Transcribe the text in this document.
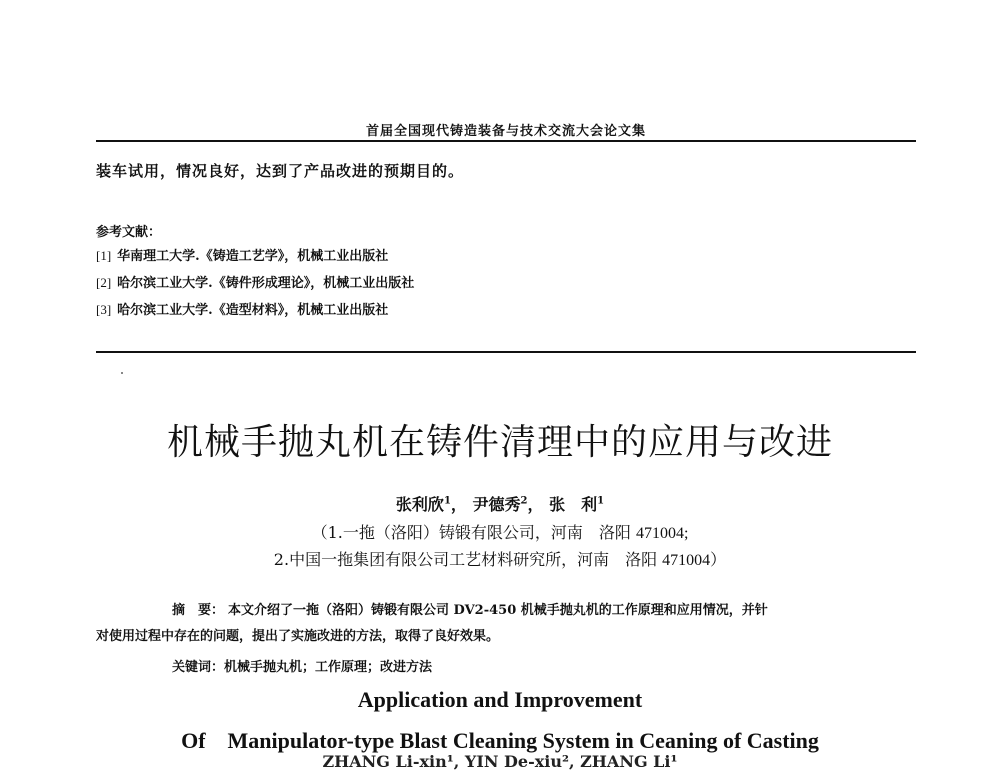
首届全国现代铸造装备与技术交流大会论文集
装车试用，情况良好，达到了产品改进的预期目的。
参考文献：
[1] 华南理工大学.《铸造工艺学》，机械工业出版社
[2] 哈尔滨工业大学.《铸件形成理论》，机械工业出版社
[3] 哈尔滨工业大学.《造型材料》，机械工业出版社
机械手抛丸机在铸件清理中的应用与改进
张利欣$^1$， 尹德秀$^2$， 张　利$^1$
（1.一拖（洛阳）铸锻有限公司，河南　洛阳 471004;
2.中国一拖集团有限公司工艺材料研究所，河南　洛阳 471004）
摘　要： 本文介绍了一拖（洛阳）铸锻有限公司 DV2-450 机械手抛丸机的工作原理和应用情况，并针
对使用过程中存在的问题，提出了实施改进的方法，取得了良好效果。
关键词：机械手抛丸机；工作原理；改进方法
Application and Improvement
Of　Manipulator-type Blast Cleaning System in Ceaning of Casting
ZHANG Li-xin¹, YIN De-xiu², ZHANG Li¹
